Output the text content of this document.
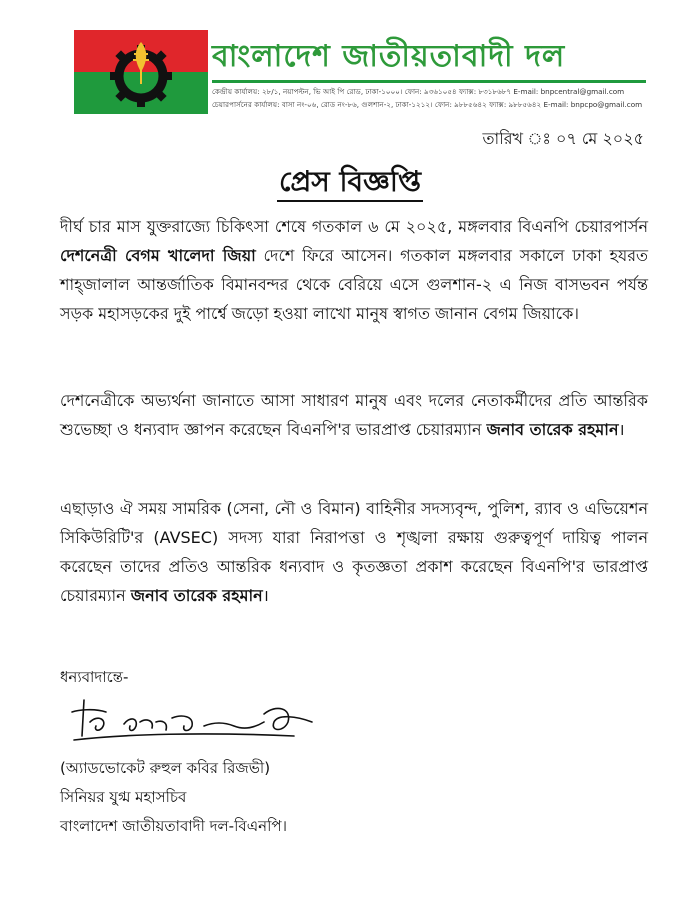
বাংলাদেশ জাতীয়তাবাদী দল
কেন্দ্রীয় কার্যালয়: ২৮/১, নয়াপল্টন, ভি আই পি রোড, ঢাকা-১০০০। ফোন: ৯৩৬১০৫৪ ফ্যাক্স: ৮৩১৮৬৮৭ E-mail: bnpcentral@gmail.com
চেয়ারপার্সনের কার্যালয়: বাসা নং-০৬, রোড নং-৮৬, গুলশান-২, ঢাকা-১২১২। ফোন: ৯৮৮৫৬৪২ ফ্যাক্স: ৯৮৮৫৬৪২ E-mail: bnpcpo@gmail.com
তারিখ ঃ ০৭ মে ২০২৫
প্রেস বিজ্ঞপ্তি
দীর্ঘ চার মাস যুক্তরাজ্যে চিকিৎসা শেষে গতকাল ৬ মে ২০২৫, মঙ্গলবার বিএনপি চেয়ারপার্সন দেশনেত্রী বেগম খালেদা জিয়া দেশে ফিরে আসেন। গতকাল মঙ্গলবার সকালে ঢাকা হযরত শাহ্জালাল আন্তর্জাতিক বিমানবন্দর থেকে বেরিয়ে এসে গুলশান-২ এ নিজ বাসভবন পর্যন্ত সড়ক মহাসড়কের দুই পার্শ্বে জড়ো হওয়া লাখো মানুষ স্বাগত জানান বেগম জিয়াকে।
দেশনেত্রীকে অভ্যর্থনা জানাতে আসা সাধারণ মানুষ এবং দলের নেতাকর্মীদের প্রতি আন্তরিক শুভেচ্ছা ও ধন্যবাদ জ্ঞাপন করেছেন বিএনপি'র ভারপ্রাপ্ত চেয়ারম্যান জনাব তারেক রহমান।
এছাড়াও ঐ সময় সামরিক (সেনা, নৌ ও বিমান) বাহিনীর সদস্যবৃন্দ, পুলিশ, র‍্যাব ও এভিয়েশন সিকিউরিটি'র (AVSEC) সদস্য যারা নিরাপত্তা ও শৃঙ্খলা রক্ষায় গুরুত্বপূর্ণ দায়িত্ব পালন করেছেন তাদের প্রতিও আন্তরিক ধন্যবাদ ও কৃতজ্ঞতা প্রকাশ করেছেন বিএনপি'র ভারপ্রাপ্ত চেয়ারম্যান জনাব তারেক রহমান।
ধন্যবাদান্তে-
(অ্যাডভোকেট রুহুল কবির রিজভী)
সিনিয়র যুগ্ম মহাসচিব
বাংলাদেশ জাতীয়তাবাদী দল-বিএনপি।
